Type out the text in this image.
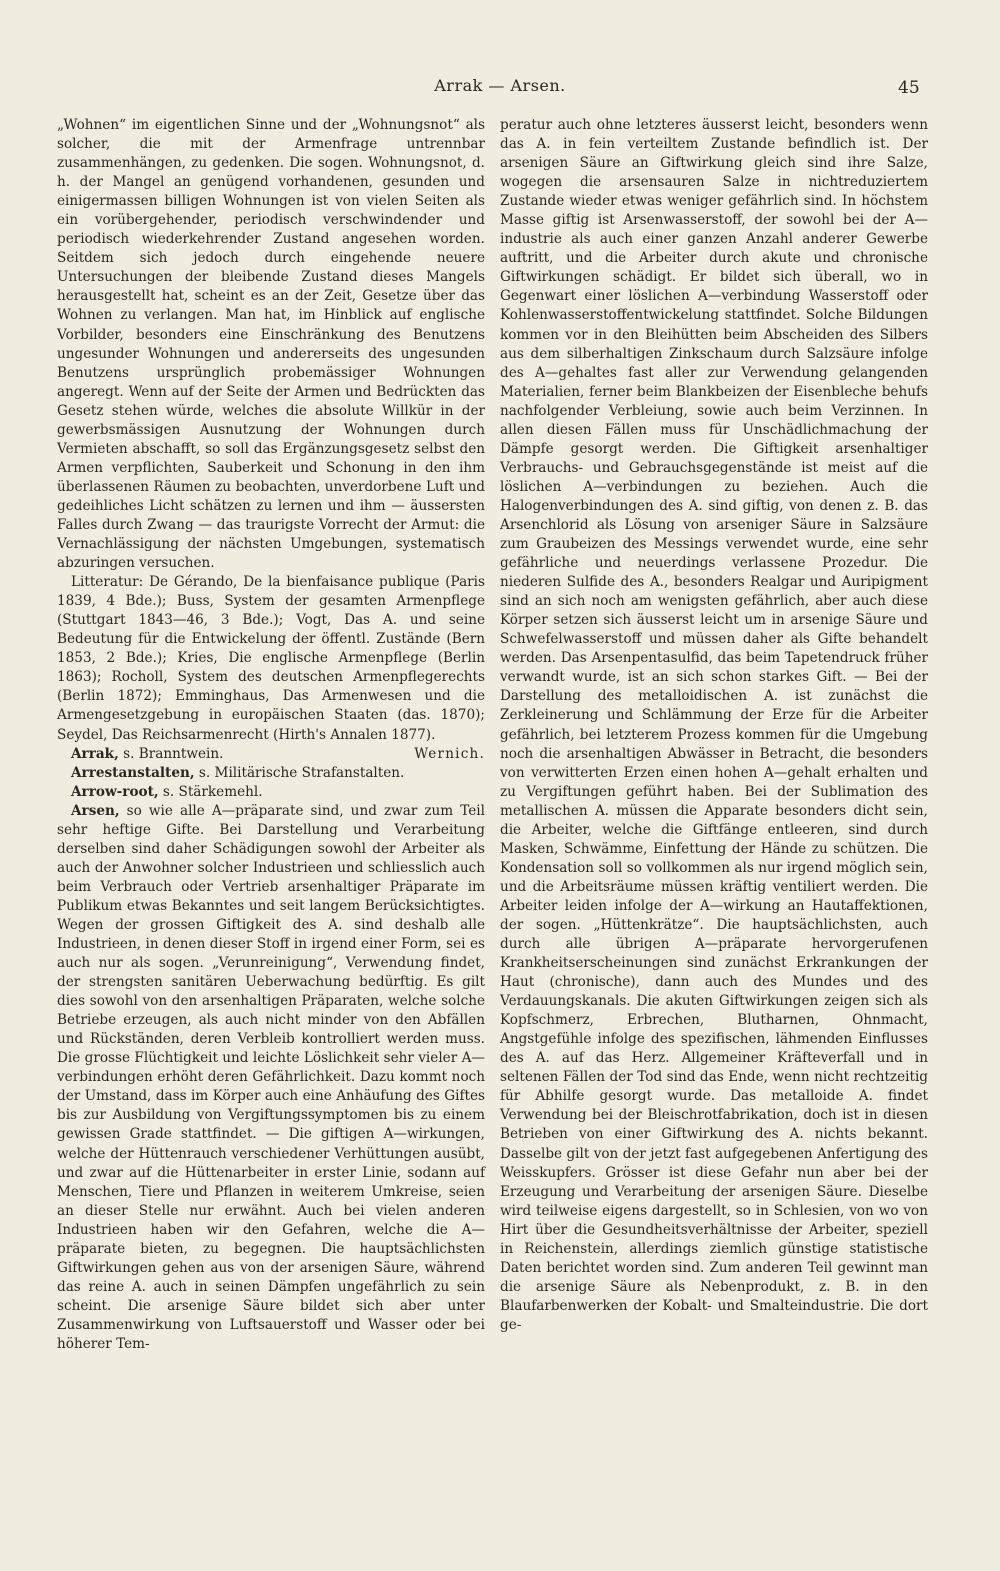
Arrak — Arsen.	45

„Wohnen“ im eigentlichen Sinne und der „Wohnungsnot“ als solcher, die mit der Armenfrage untrennbar zusammenhängen, zu gedenken. Die sogen. Wohnungsnot, d. h. der Mangel an genügend vorhandenen, gesunden und einigermassen billigen Wohnungen ist von vielen Seiten als ein vorübergehender, periodisch verschwindender und periodisch wiederkehrender Zustand angesehen worden. Seitdem sich jedoch durch eingehende neuere Untersuchungen der bleibende Zustand dieses Mangels herausgestellt hat, scheint es an der Zeit, Gesetze über das Wohnen zu verlangen. Man hat, im Hinblick auf englische Vorbilder, besonders eine Einschränkung des Benutzens ungesunder Wohnungen und andererseits des ungesunden Benutzens ursprünglich probemässiger Wohnungen angeregt. Wenn auf der Seite der Armen und Bedrückten das Gesetz stehen würde, welches die absolute Willkür in der gewerbsmässigen Ausnutzung der Wohnungen durch Vermieten abschafft, so soll das Ergänzungsgesetz selbst den Armen verpflichten, Sauberkeit und Schonung in den ihm überlassenen Räumen zu beobachten, unverdorbene Luft und gedeihliches Licht schätzen zu lernen und ihm — äussersten Falles durch Zwang — das traurigste Vorrecht der Armut: die Vernachlässigung der nächsten Umgebungen, systematisch abzuringen versuchen.

Litteratur: De Gérando, De la bienfaisance publique (Paris 1839, 4 Bde.); Buss, System der gesamten Armenpflege (Stuttgart 1843—46, 3 Bde.); Vogt, Das A. und seine Bedeutung für die Entwickelung der öffentl. Zustände (Bern 1853, 2 Bde.); Kries, Die englische Armenpflege (Berlin 1863); Rocholl, System des deutschen Armenpflegerechts (Berlin 1872); Emminghaus, Das Armenwesen und die Armengesetzgebung in europäischen Staaten (das. 1870); Seydel, Das Reichsarmenrecht (Hirth's Annalen 1877).
Wernich.

Arrak, s. Branntwein.

Arrestanstalten, s. Militärische Strafanstalten.

Arrow-root, s. Stärkemehl.

Arsen, so wie alle A—präparate sind, und zwar zum Teil sehr heftige Gifte. Bei Darstellung und Verarbeitung derselben sind daher Schädigungen sowohl der Arbeiter als auch der Anwohner solcher Industrieen und schliesslich auch beim Verbrauch oder Vertrieb arsenhaltiger Präparate im Publikum etwas Bekanntes und seit langem Berücksichtigtes. Wegen der grossen Giftigkeit des A. sind deshalb alle Industrieen, in denen dieser Stoff in irgend einer Form, sei es auch nur als sogen. „Verunreinigung“, Verwendung findet, der strengsten sanitären Ueberwachung bedürftig. Es gilt dies sowohl von den arsenhaltigen Präparaten, welche solche Betriebe erzeugen, als auch nicht minder von den Abfällen und Rückständen, deren Verbleib kontrolliert werden muss. Die grosse Flüchtigkeit und leichte Löslichkeit sehr vieler A—verbindungen erhöht deren Gefährlichkeit. Dazu kommt noch der Umstand, dass im Körper auch eine Anhäufung des Giftes bis zur Ausbildung von Vergiftungssymptomen bis zu einem gewissen Grade stattfindet. — Die giftigen A—wirkungen, welche der Hüttenrauch verschiedener Verhüttungen ausübt, und zwar auf die Hüttenarbeiter in erster Linie, sodann auf Menschen, Tiere und Pflanzen in weiterem Umkreise, seien an dieser Stelle nur erwähnt. Auch bei vielen anderen Industrieen haben wir den Gefahren, welche die A—präparate bieten, zu begegnen. Die hauptsächlichsten Giftwirkungen gehen aus von der arsenigen Säure, während das reine A. auch in seinen Dämpfen ungefährlich zu sein scheint. Die arsenige Säure bildet sich aber unter Zusammenwirkung von Luftsauerstoff und Wasser oder bei höherer Tem-

peratur auch ohne letzteres äusserst leicht, besonders wenn das A. in fein verteiltem Zustande befindlich ist. Der arsenigen Säure an Giftwirkung gleich sind ihre Salze, wogegen die arsensauren Salze in nichtreduziertem Zustande wieder etwas weniger gefährlich sind. In höchstem Masse giftig ist Arsenwasserstoff, der sowohl bei der A—industrie als auch einer ganzen Anzahl anderer Gewerbe auftritt, und die Arbeiter durch akute und chronische Giftwirkungen schädigt. Er bildet sich überall, wo in Gegenwart einer löslichen A—verbindung Wasserstoff oder Kohlenwasserstoffentwickelung stattfindet. Solche Bildungen kommen vor in den Bleihütten beim Abscheiden des Silbers aus dem silberhaltigen Zinkschaum durch Salzsäure infolge des A—gehaltes fast aller zur Verwendung gelangenden Materialien, ferner beim Blankbeizen der Eisenbleche behufs nachfolgender Verbleiung, sowie auch beim Verzinnen. In allen diesen Fällen muss für Unschädlichmachung der Dämpfe gesorgt werden. Die Giftigkeit arsenhaltiger Verbrauchs- und Gebrauchsgegenstände ist meist auf die löslichen A—verbindungen zu beziehen. Auch die Halogenverbindungen des A. sind giftig, von denen z. B. das Arsenchlorid als Lösung von arseniger Säure in Salzsäure zum Graubeizen des Messings verwendet wurde, eine sehr gefährliche und neuerdings verlassene Prozedur. Die niederen Sulfide des A., besonders Realgar und Auripigment sind an sich noch am wenigsten gefährlich, aber auch diese Körper setzen sich äusserst leicht um in arsenige Säure und Schwefelwasserstoff und müssen daher als Gifte behandelt werden. Das Arsenpentasulfid, das beim Tapetendruck früher verwandt wurde, ist an sich schon starkes Gift. — Bei der Darstellung des metalloidischen A. ist zunächst die Zerkleinerung und Schlämmung der Erze für die Arbeiter gefährlich, bei letzterem Prozess kommen für die Umgebung noch die arsenhaltigen Abwässer in Betracht, die besonders von verwitterten Erzen einen hohen A—gehalt erhalten und zu Vergiftungen geführt haben. Bei der Sublimation des metallischen A. müssen die Apparate besonders dicht sein, die Arbeiter, welche die Giftfänge entleeren, sind durch Masken, Schwämme, Einfettung der Hände zu schützen. Die Kondensation soll so vollkommen als nur irgend möglich sein, und die Arbeitsräume müssen kräftig ventiliert werden. Die Arbeiter leiden infolge der A—wirkung an Hautaffektionen, der sogen. „Hüttenkrätze“. Die hauptsächlichsten, auch durch alle übrigen A—präparate hervorgerufenen Krankheitserscheinungen sind zunächst Erkrankungen der Haut (chronische), dann auch des Mundes und des Verdauungskanals. Die akuten Giftwirkungen zeigen sich als Kopfschmerz, Erbrechen, Blutharnen, Ohnmacht, Angstgefühle infolge des spezifischen, lähmenden Einflusses des A. auf das Herz. Allgemeiner Kräfteverfall und in seltenen Fällen der Tod sind das Ende, wenn nicht rechtzeitig für Abhilfe gesorgt wurde. Das metalloide A. findet Verwendung bei der Bleischrotfabrikation, doch ist in diesen Betrieben von einer Giftwirkung des A. nichts bekannt. Dasselbe gilt von der jetzt fast aufgegebenen Anfertigung des Weisskupfers. Grösser ist diese Gefahr nun aber bei der Erzeugung und Verarbeitung der arsenigen Säure. Dieselbe wird teilweise eigens dargestellt, so in Schlesien, von wo von Hirt über die Gesundheitsverhältnisse der Arbeiter, speziell in Reichenstein, allerdings ziemlich günstige statistische Daten berichtet worden sind. Zum anderen Teil gewinnt man die arsenige Säure als Nebenprodukt, z. B. in den Blaufarbenwerken der Kobalt- und Smalteindustrie. Die dort ge-
